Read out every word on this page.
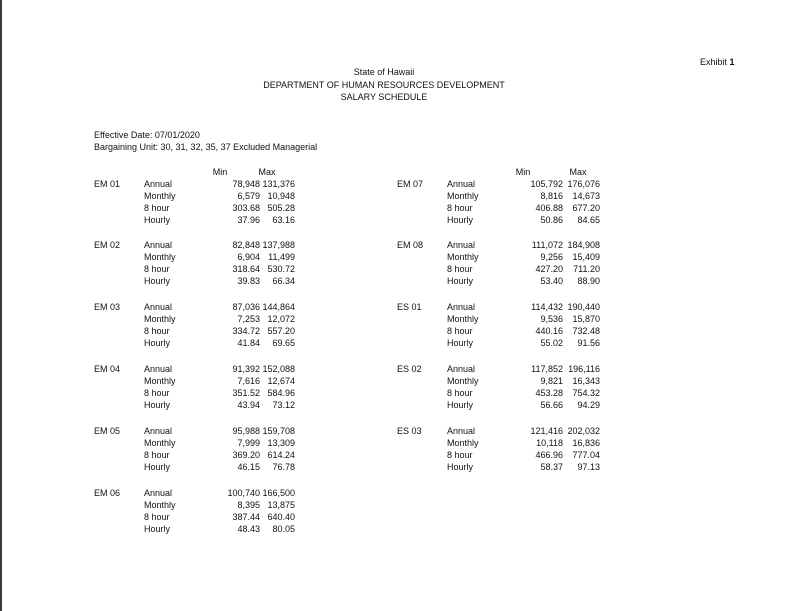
Exhibit 1
State of Hawaii
DEPARTMENT OF HUMAN RESOURCES DEVELOPMENT
SALARY SCHEDULE
Effective Date: 07/01/2020
Bargaining Unit: 30, 31, 32, 35, 37 Excluded Managerial
Min	Max	Min	Max
EM 01	Annual	78,948 131,376
Monthly	6,579 10,948
8 hour	303.68 505.28
Hourly	37.96 63.16
EM 02	Annual	82,848 137,988
Monthly	6,904 11,499
8 hour	318.64 530.72
Hourly	39.83 66.34
EM 03	Annual	87,036 144,864
Monthly	7,253 12,072
8 hour	334.72 557.20
Hourly	41.84 69.65
EM 04	Annual	91,392 152,088
Monthly	7,616 12,674
8 hour	351.52 584.96
Hourly	43.94 73.12
EM 05	Annual	95,988 159,708
Monthly	7,999 13,309
8 hour	369.20 614.24
Hourly	46.15 76.78
EM 06	Annual	100,740 166,500
Monthly	8,395 13,875
8 hour	387.44 640.40
Hourly	48.43 80.05
EM 07	Annual	105,792 176,076
Monthly	8,816 14,673
8 hour	406.88 677.20
Hourly	50.86 84.65
EM 08	Annual	111,072 184,908
Monthly	9,256 15,409
8 hour	427.20 711.20
Hourly	53.40 88.90
ES 01	Annual	114,432 190,440
Monthly	9,536 15,870
8 hour	440.16 732.48
Hourly	55.02 91.56
ES 02	Annual	117,852 196,116
Monthly	9,821 16,343
8 hour	453.28 754.32
Hourly	56.66 94.29
ES 03	Annual	121,416 202,032
Monthly	10,118 16,836
8 hour	466.96 777.04
Hourly	58.37 97.13
